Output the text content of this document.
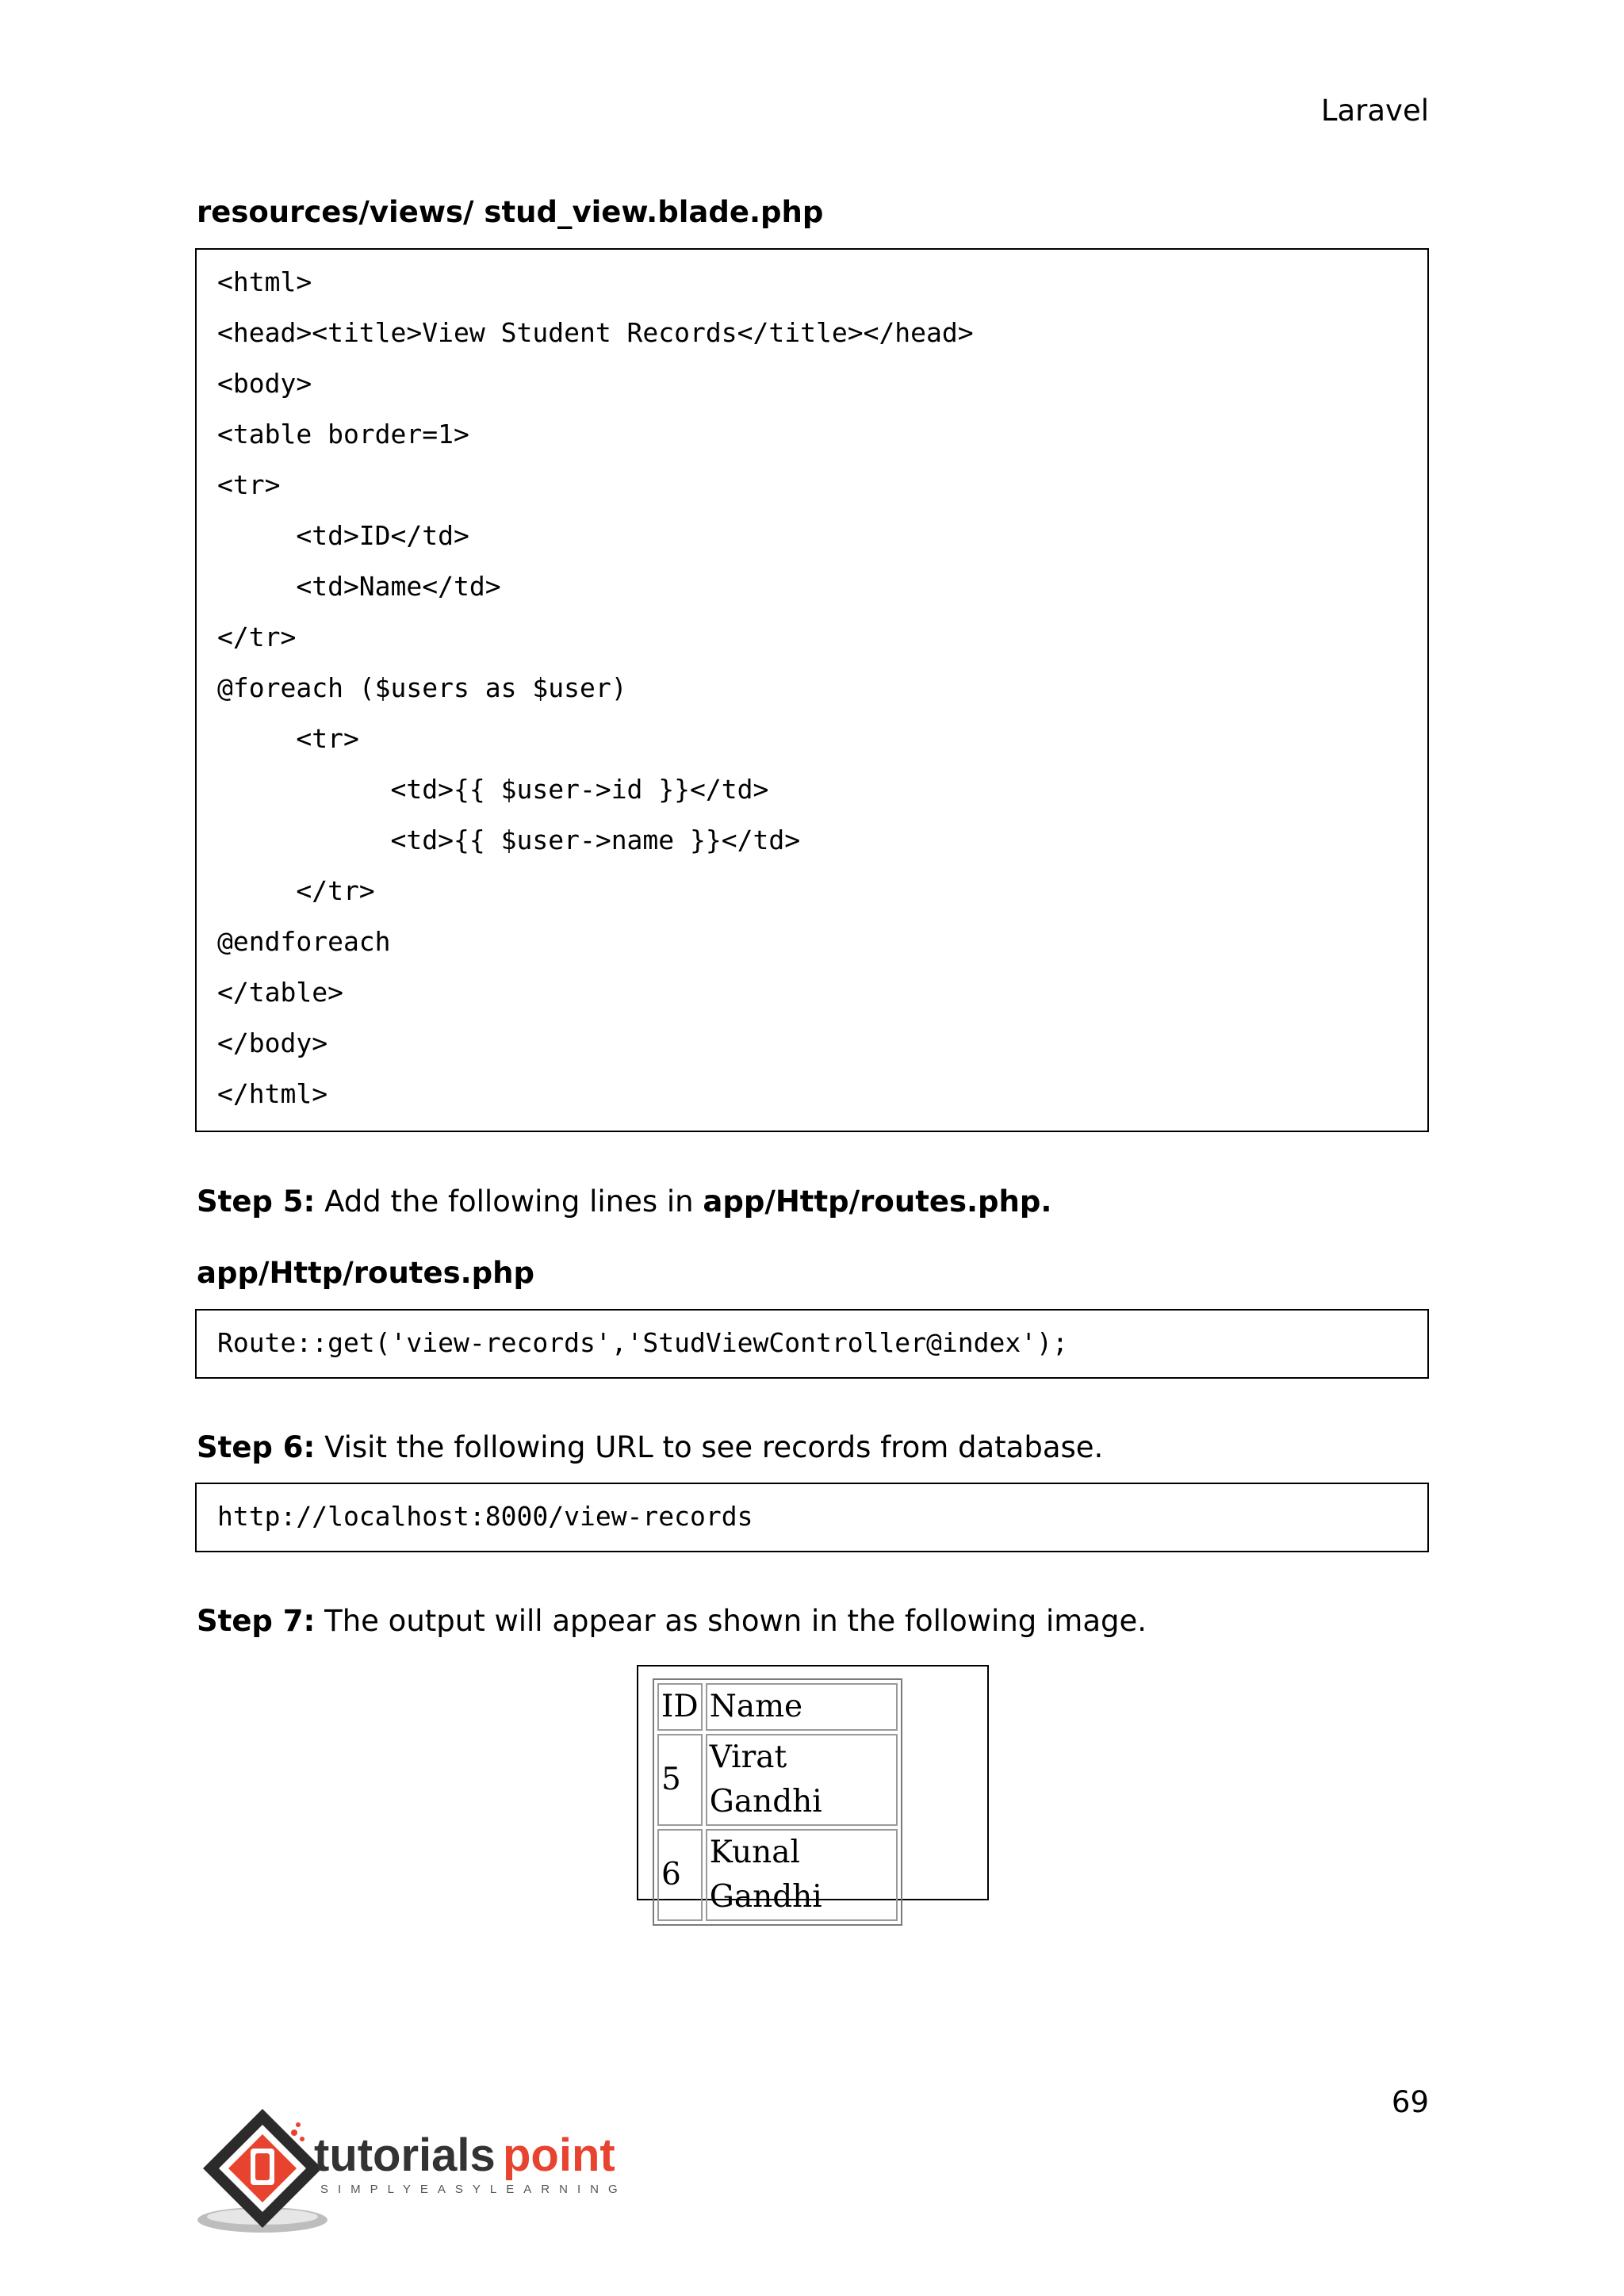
Laravel
resources/views/ stud_view.blade.php
<html>
<head><title>View Student Records</title></head>
<body>
<table border=1>
<tr>
<td>ID</td>
<td>Name</td>
</tr>
@foreach ($users as $user)
<tr>
<td>{{ $user->id }}</td>
<td>{{ $user->name }}</td>
</tr>
@endforeach
</table>
</body>
</html>
Step 5: Add the following lines in app/Http/routes.php.
app/Http/routes.php
Route::get('view-records','StudViewController@index');
Step 6: Visit the following URL to see records from database.
http://localhost:8000/view-records
Step 7: The output will appear as shown in the following image.
ID	Name
5	Virat Gandhi
6	Kunal Gandhi
69
tutorials point
SIMPLYEASYLEARNING
